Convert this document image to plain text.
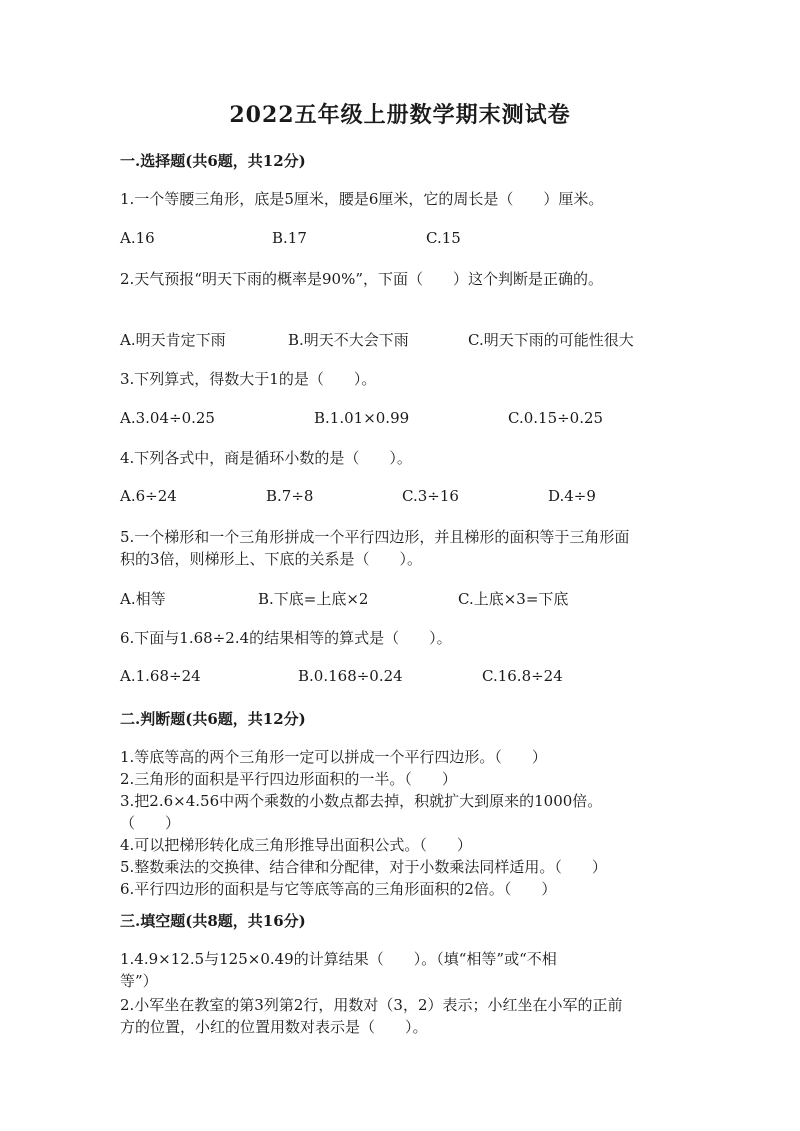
2022五年级上册数学期末测试卷
一.选择题(共6题，共12分)
1.一个等腰三角形，底是5厘米，腰是6厘米，它的周长是（　　）厘米。
A.16	B.17	C.15
2.天气预报“明天下雨的概率是90%”，下面（　　）这个判断是正确的。
A.明天肯定下雨	B.明天不大会下雨	C.明天下雨的可能性很大
3.下列算式，得数大于1的是（　　）。
A.3.04÷0.25	B.1.01×0.99	C.0.15÷0.25
4.下列各式中，商是循环小数的是（　　）。
A.6÷24	B.7÷8	C.3÷16	D.4÷9
5.一个梯形和一个三角形拼成一个平行四边形，并且梯形的面积等于三角形面
积的3倍，则梯形上、下底的关系是（　　）。
A.相等	B.下底=上底×2	C.上底×3=下底
6.下面与1.68÷2.4的结果相等的算式是（　　）。
A.1.68÷24	B.0.168÷0.24	C.16.8÷24
二.判断题(共6题，共12分)
1.等底等高的两个三角形一定可以拼成一个平行四边形。（　　）
2.三角形的面积是平行四边形面积的一半。（　　）
3.把2.6×4.56中两个乘数的小数点都去掉，积就扩大到原来的1000倍。
（　　）
4.可以把梯形转化成三角形推导出面积公式。（　　）
5.整数乘法的交换律、结合律和分配律，对于小数乘法同样适用。（　　）
6.平行四边形的面积是与它等底等高的三角形面积的2倍。（　　）
三.填空题(共8题，共16分)
1.4.9×12.5与125×0.49的计算结果（　　）。（填“相等”或“不相
等”）
2.小军坐在教室的第3列第2行，用数对（3，2）表示；小红坐在小军的正前
方的位置，小红的位置用数对表示是（　　）。
